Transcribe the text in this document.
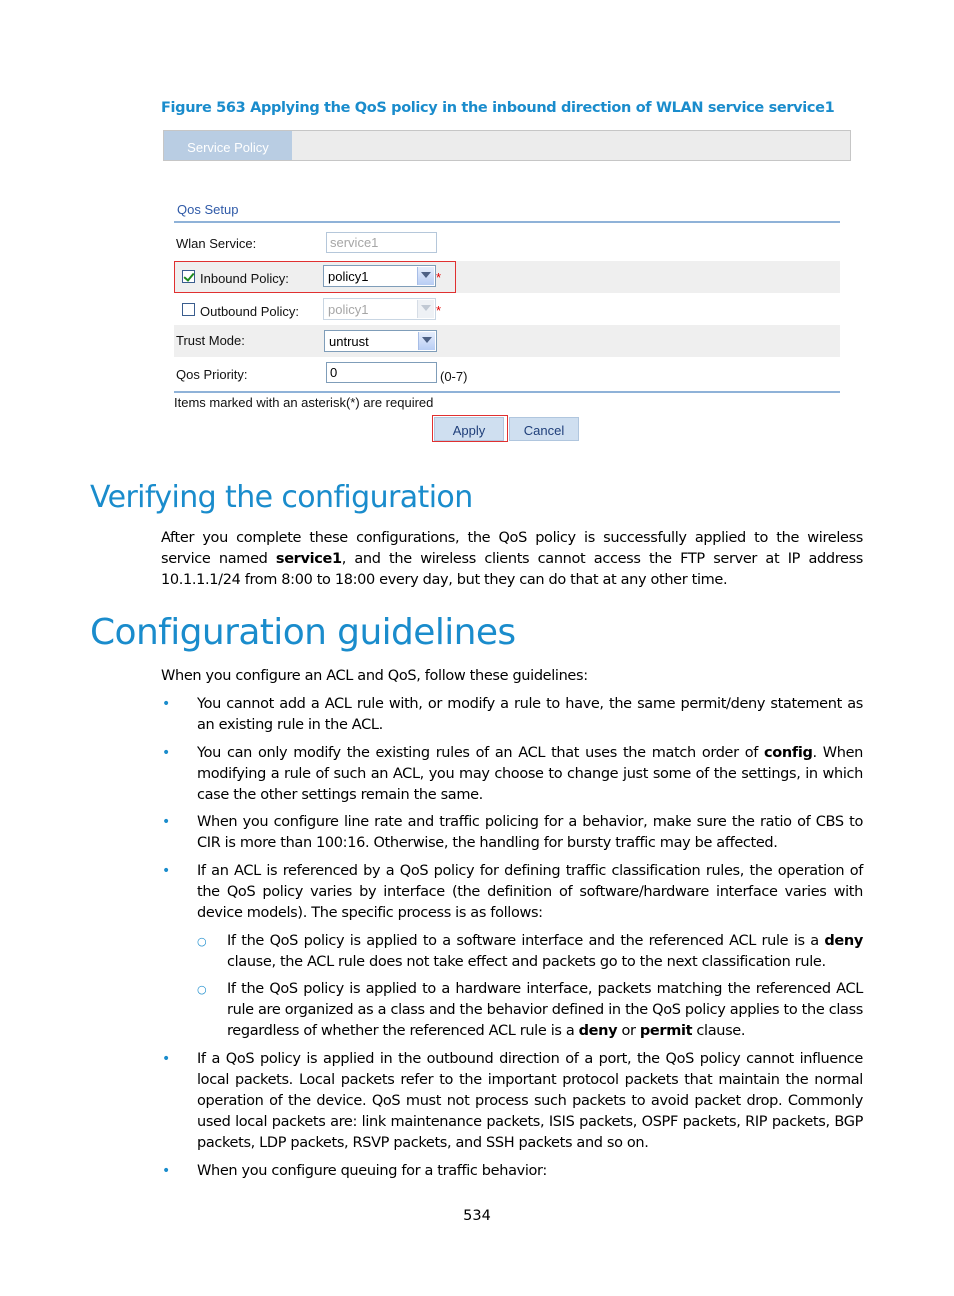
Figure 563 Applying the QoS policy in the inbound direction of WLAN service service1
Service Policy
Qos Setup
Wlan Service:
service1
Inbound Policy:	policy1	*
Outbound Policy: policy1	*
Trust Mode:	untrust
Qos Priority:
0	(0-7)
Items marked with an asterisk(*) are required
Apply	Cancel
Verifying the configuration
After you complete these configurations, the QoS policy is successfully applied to the wireless service named service1, and the wireless clients cannot access the FTP server at IP address 10.1.1.1/24 from 8:00 to 18:00 every day, but they can do that at any other time.
Configuration guidelines
When you configure an ACL and QoS, follow these guidelines:
• You cannot add a ACL rule with, or modify a rule to have, the same permit/deny statement as an existing rule in the ACL.
• You can only modify the existing rules of an ACL that uses the match order of config. When modifying a rule of such an ACL, you may choose to change just some of the settings, in which case the other settings remain the same.
• When you configure line rate and traffic policing for a behavior, make sure the ratio of CBS to CIR is more than 100:16. Otherwise, the handling for bursty traffic may be affected.
• If an ACL is referenced by a QoS policy for defining traffic classification rules, the operation of the QoS policy varies by interface (the definition of software/hardware interface varies with device models). The specific process is as follows:
○ If the QoS policy is applied to a software interface and the referenced ACL rule is a deny clause, the ACL rule does not take effect and packets go to the next classification rule.
○ If the QoS policy is applied to a hardware interface, packets matching the referenced ACL rule are organized as a class and the behavior defined in the QoS policy applies to the class regardless of whether the referenced ACL rule is a deny or permit clause.
• If a QoS policy is applied in the outbound direction of a port, the QoS policy cannot influence local packets. Local packets refer to the important protocol packets that maintain the normal operation of the device. QoS must not process such packets to avoid packet drop. Commonly used local packets are: link maintenance packets, ISIS packets, OSPF packets, RIP packets, BGP packets, LDP packets, RSVP packets, and SSH packets and so on.
• When you configure queuing for a traffic behavior:
534
